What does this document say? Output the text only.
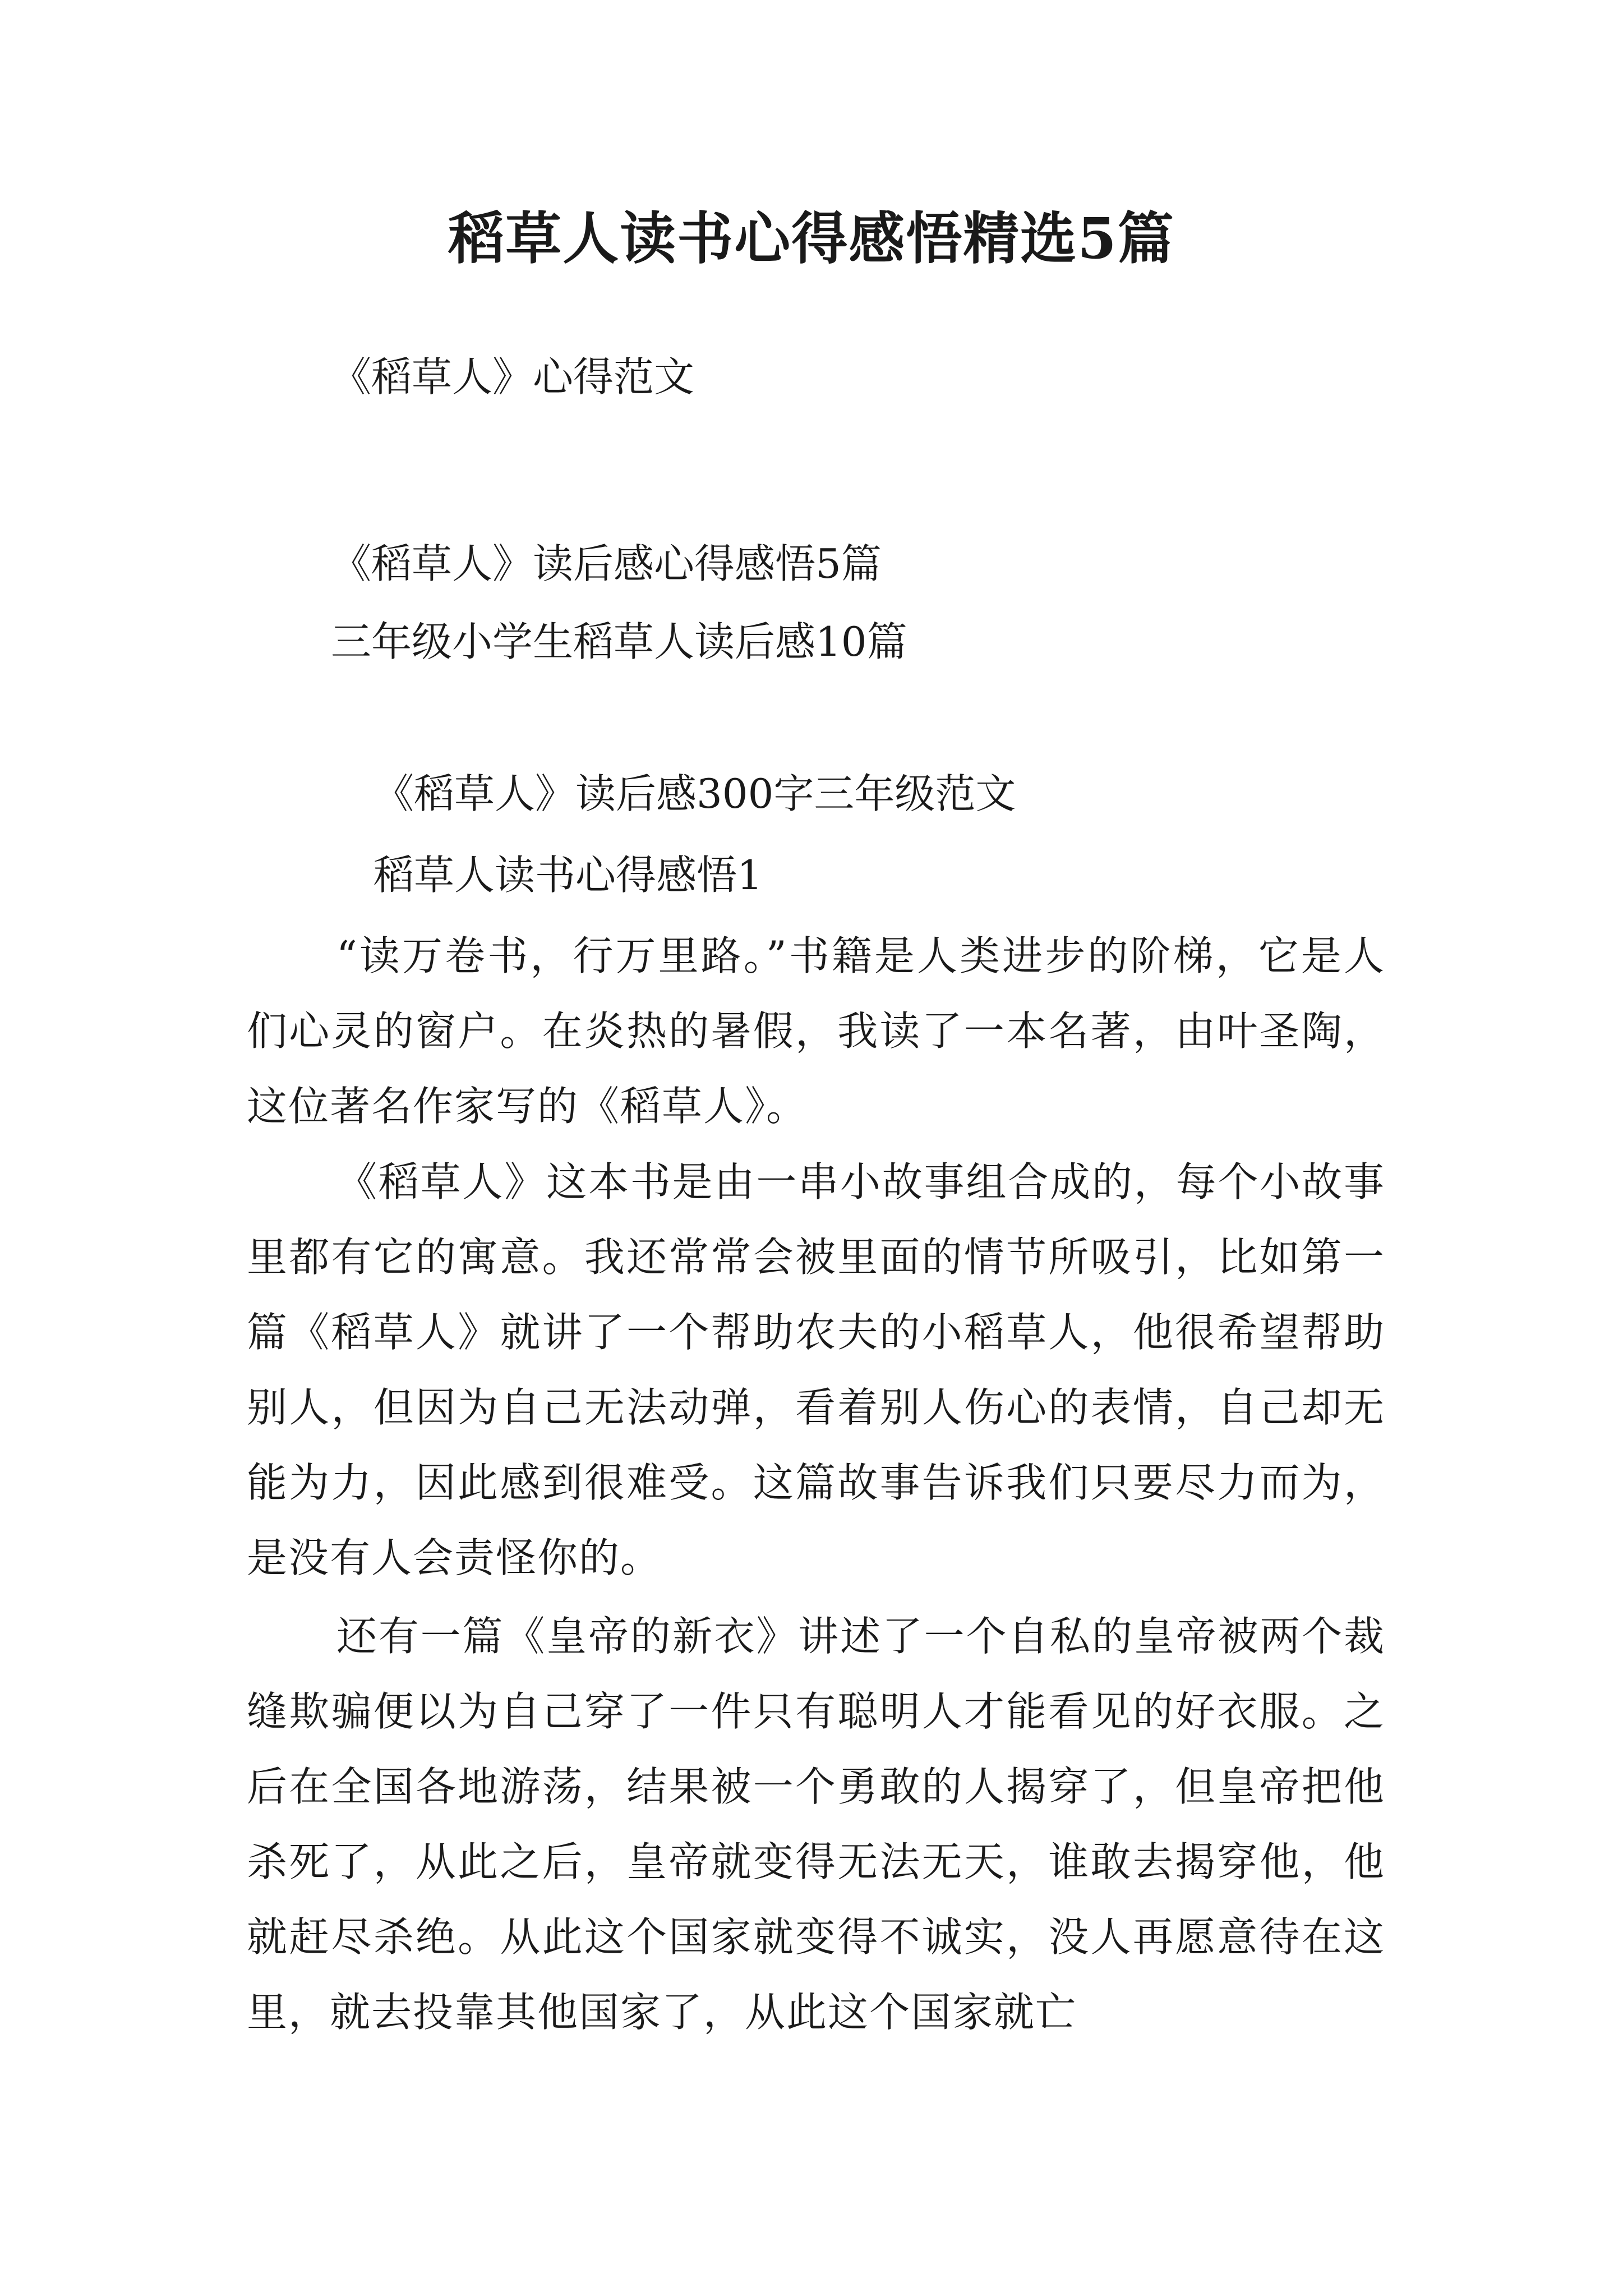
稻草人读书心得感悟精选5篇
《稻草人》心得范文
《稻草人》读后感心得感悟5篇
三年级小学生稻草人读后感10篇
《稻草人》读后感300字三年级范文
稻草人读书心得感悟1
“读万卷书，行万里路。”书籍是人类进步的阶梯，它是人们心灵的窗户。在炎热的暑假，我读了一本名著，由叶圣陶，这位著名作家写的《稻草人》。
《稻草人》这本书是由一串小故事组合成的，每个小故事里都有它的寓意。我还常常会被里面的情节所吸引，比如第一篇《稻草人》就讲了一个帮助农夫的小稻草人，他很希望帮助别人，但因为自己无法动弹，看着别人伤心的表情，自己却无能为力，因此感到很难受。这篇故事告诉我们只要尽力而为，是没有人会责怪你的。
还有一篇《皇帝的新衣》讲述了一个自私的皇帝被两个裁缝欺骗便以为自己穿了一件只有聪明人才能看见的好衣服。之后在全国各地游荡，结果被一个勇敢的人揭穿了，但皇帝把他杀死了，从此之后，皇帝就变得无法无天，谁敢去揭穿他，他就赶尽杀绝。从此这个国家就变得不诚实，没人再愿意待在这里，就去投靠其他国家了，从此这个国家就亡
